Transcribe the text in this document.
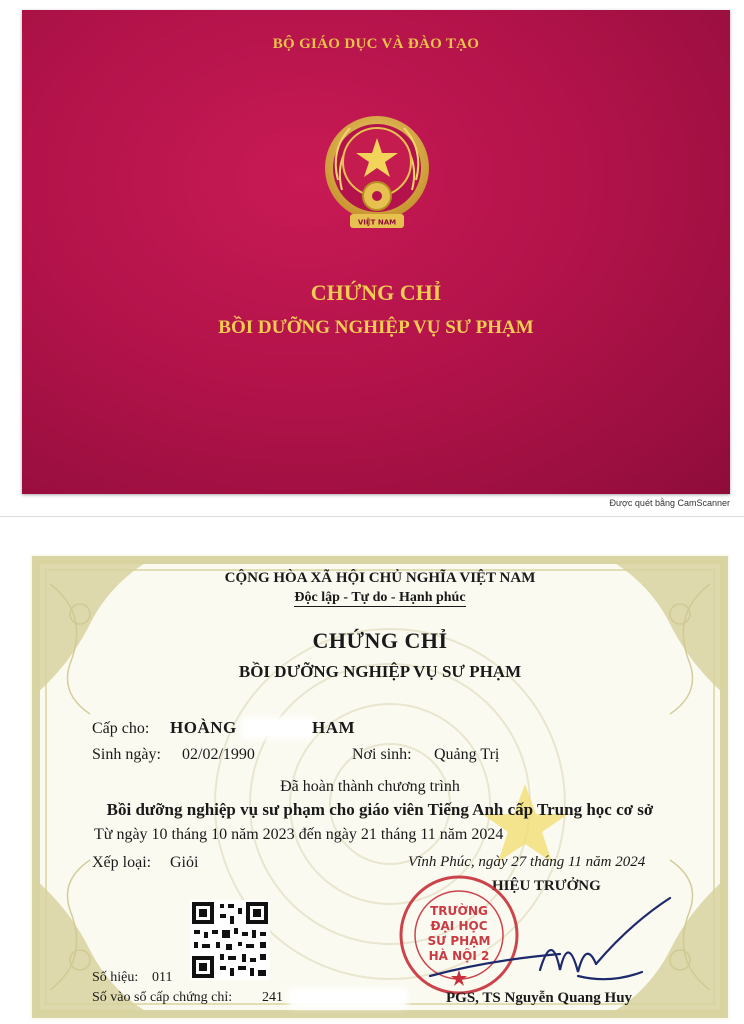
BỘ GIÁO DỤC VÀ ĐÀO TẠO
VIỆT NAM
CHỨNG CHỈ
BỒI DƯỠNG NGHIỆP VỤ SƯ PHẠM
Được quét bằng CamScanner
CỘNG HÒA XÃ HỘI CHỦ NGHĨA VIỆT NAM
Độc lập - Tự do - Hạnh phúc
CHỨNG CHỈ
BỒI DƯỠNG NGHIỆP VỤ SƯ PHẠM
Cấp cho: HOÀNG	HAM
Sinh ngày: 02/02/1990	Nơi sinh: Quảng Trị
Đã hoàn thành chương trình
Bồi dưỡng nghiệp vụ sư phạm cho giáo viên Tiếng Anh cấp Trung học cơ sở
Từ ngày 10 tháng 10 năm 2023 đến ngày 21 tháng 11 năm 2024
Xếp loại: Giỏi	Vĩnh Phúc, ngày 27 tháng 11 năm 2024
HIỆU TRƯỞNG
TRƯỜNG
ĐẠI HỌC
SƯ PHẠM
HÀ NỘI 2
PGS, TS Nguyễn Quang Huy
Số hiệu: 011
Số vào sổ cấp chứng chỉ: 241
